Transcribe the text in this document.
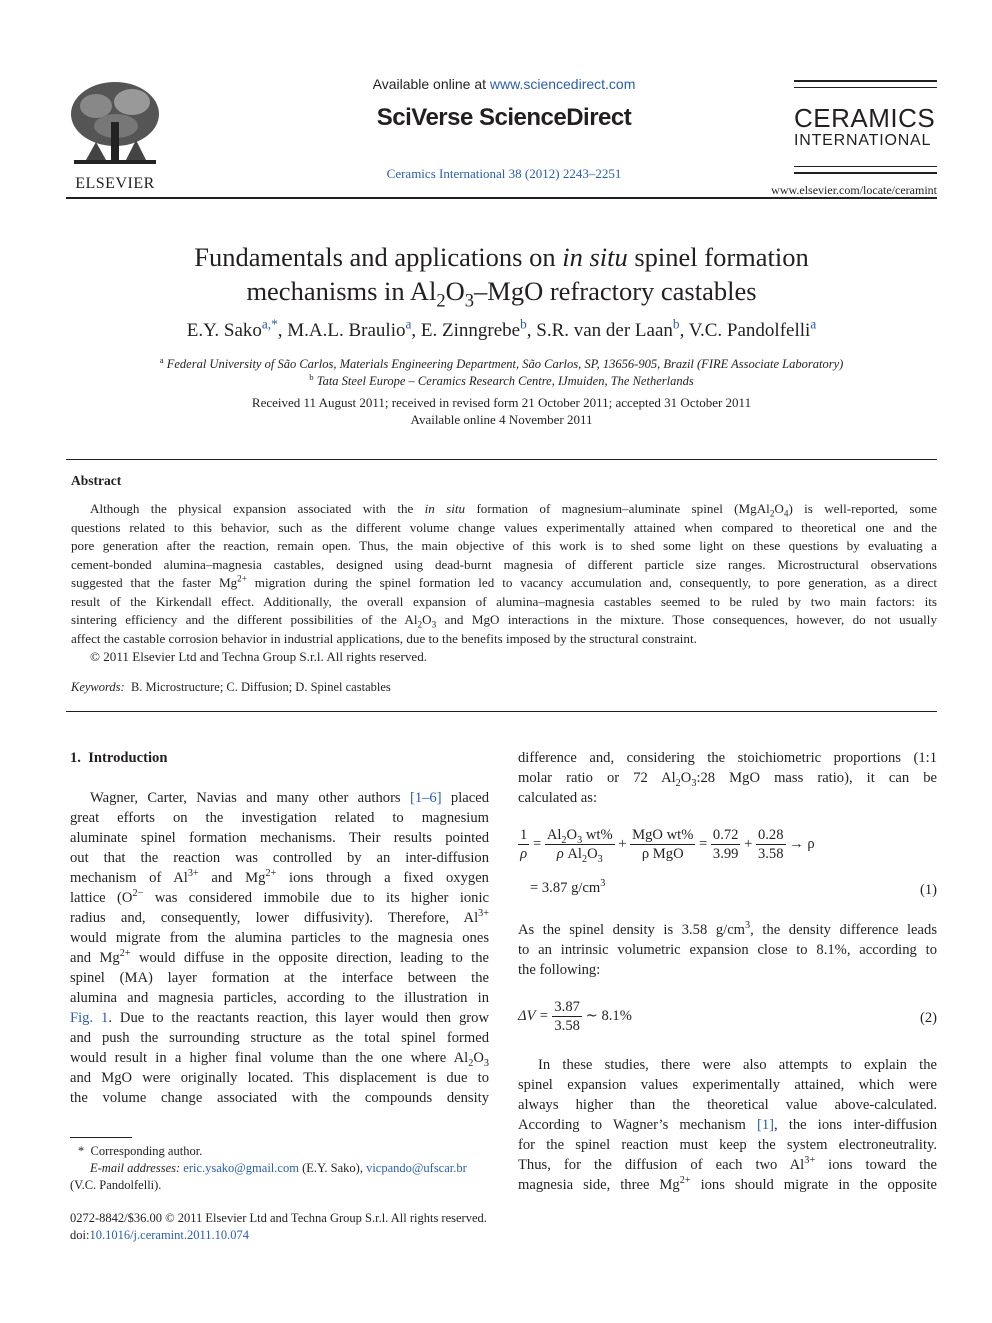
ELSEVIER
Available online at www.sciencedirect.com
SciVerse ScienceDirect
Ceramics International 38 (2012) 2243–2251
CERAMICS
INTERNATIONAL
www.elsevier.com/locate/ceramint
Fundamentals and applications on in situ spinel formation
mechanisms in $Al_2O_3$–MgO refractory castables
E.Y. Sako$^{a,*}$, M.A.L. Braulio$^a$, E. Zinngrebe$^b$, S.R. van der Laan$^b$, V.C. Pandolfelli$^a$
$^a$ Federal University of São Carlos, Materials Engineering Department, São Carlos, SP, 13656-905, Brazil (FIRE Associate Laboratory)
$^b$ Tata Steel Europe – Ceramics Research Centre, IJmuiden, The Netherlands
Received 11 August 2011; received in revised form 21 October 2011; accepted 31 October 2011
Available online 4 November 2011
Abstract
Although the physical expansion associated with the in situ formation of magnesium–aluminate spinel $(MgAl_2O_4)$ is well-reported, some
questions related to this behavior, such as the different volume change values experimentally attained when compared to theoretical one and the
pore generation after the reaction, remain open. Thus, the main objective of this work is to shed some light on these questions by evaluating a
cement-bonded alumina–magnesia castables, designed using dead-burnt magnesia of different particle size ranges. Microstructural observations
suggested that the faster $Mg^{2+}$ migration during the spinel formation led to vacancy accumulation and, consequently, to pore generation, as a direct
result of the Kirkendall effect. Additionally, the overall expansion of alumina–magnesia castables seemed to be ruled by two main factors: its
sintering efficiency and the different possibilities of the $Al_2O_3$ and MgO interactions in the mixture. Those consequences, however, do not usually
affect the castable corrosion behavior in industrial applications, due to the benefits imposed by the structural constraint.
© 2011 Elsevier Ltd and Techna Group S.r.l. All rights reserved.
Keywords: B. Microstructure; C. Diffusion; D. Spinel castables
1. Introduction
Wagner, Carter, Navias and many other authors [1–6] placed
great efforts on the investigation related to magnesium
aluminate spinel formation mechanisms. Their results pointed
out that the reaction was controlled by an inter-diffusion
mechanism of $Al^{3+}$ and $Mg^{2+}$ ions through a fixed oxygen
lattice ($O^{2-}$ was considered immobile due to its higher ionic
radius and, consequently, lower diffusivity). Therefore, $Al^{3+}$
would migrate from the alumina particles to the magnesia ones
and $Mg^{2+}$ would diffuse in the opposite direction, leading to the
spinel (MA) layer formation at the interface between the
alumina and magnesia particles, according to the illustration in
Fig. 1. Due to the reactants reaction, this layer would then grow
and push the surrounding structure as the total spinel formed
would result in a higher final volume than the one where $Al_2O_3$
and MgO were originally located. This displacement is due to
the volume change associated with the compounds density
* Corresponding author.
E-mail addresses: eric.ysako@gmail.com (E.Y. Sako), vicpando@ufscar.br
(V.C. Pandolfelli).
difference and, considering the stoichiometric proportions (1:1
molar ratio or 72 $Al_2O_3:28$ MgO mass ratio), it can be
calculated as:
$\frac{1}{\rho} = \frac{Al_2O_3 wt\%}{\rho Al_2O_3} + \frac{\text{MgO wt\%}}{\text{ρ MgO}} = \frac{0.72}{3.99} + \frac{0.28}{3.58} \to \rho$
= 3.87 $g/cm^3$	(1)
As the spinel density is 3.58 $g/cm^3$, the density difference leads
to an intrinsic volumetric expansion close to 8.1%, according to
the following:
$\Delta V = \frac{3.87}{3.58}$ ∼ 8.1%	(2)
In these studies, there were also attempts to explain the
spinel expansion values experimentally attained, which were
always higher than the theoretical value above-calculated.
According to Wagner’s mechanism [1], the ions inter-diffusion
for the spinel reaction must keep the system electroneutrality.
Thus, for the diffusion of each two $Al^{3+}$ ions toward the
magnesia side, three $Mg^{2+}$ ions should migrate in the opposite
0272-8842/$36.00 © 2011 Elsevier Ltd and Techna Group S.r.l. All rights reserved.
doi:10.1016/j.ceramint.2011.10.074
